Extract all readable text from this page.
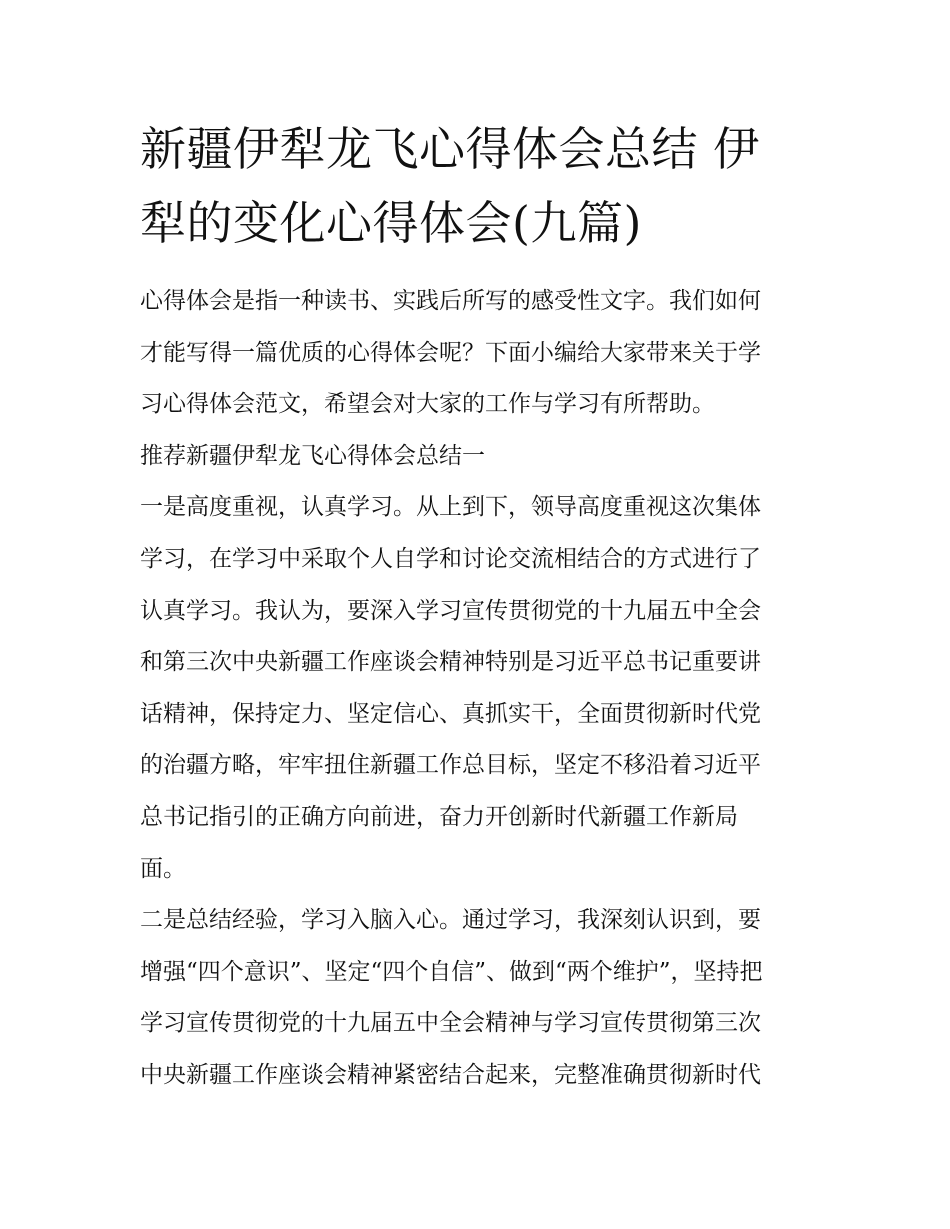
新疆伊犁龙飞心得体会总结 伊
犁的变化心得体会(九篇)
心得体会是指一种读书、实践后所写的感受性文字。我们如何
才能写得一篇优质的心得体会呢？下面小编给大家带来关于学
习心得体会范文，希望会对大家的工作与学习有所帮助。
推荐新疆伊犁龙飞心得体会总结一
一是高度重视，认真学习。从上到下，领导高度重视这次集体
学习，在学习中采取个人自学和讨论交流相结合的方式进行了
认真学习。我认为，要深入学习宣传贯彻党的十九届五中全会
和第三次中央新疆工作座谈会精神特别是习近平总书记重要讲
话精神，保持定力、坚定信心、真抓实干，全面贯彻新时代党
的治疆方略，牢牢扭住新疆工作总目标，坚定不移沿着习近平
总书记指引的正确方向前进，奋力开创新时代新疆工作新局
面。
二是总结经验，学习入脑入心。通过学习，我深刻认识到，要
增强“四个意识”、坚定“四个自信”、做到“两个维护”，坚持把
学习宣传贯彻党的十九届五中全会精神与学习宣传贯彻第三次
中央新疆工作座谈会精神紧密结合起来，完整准确贯彻新时代
